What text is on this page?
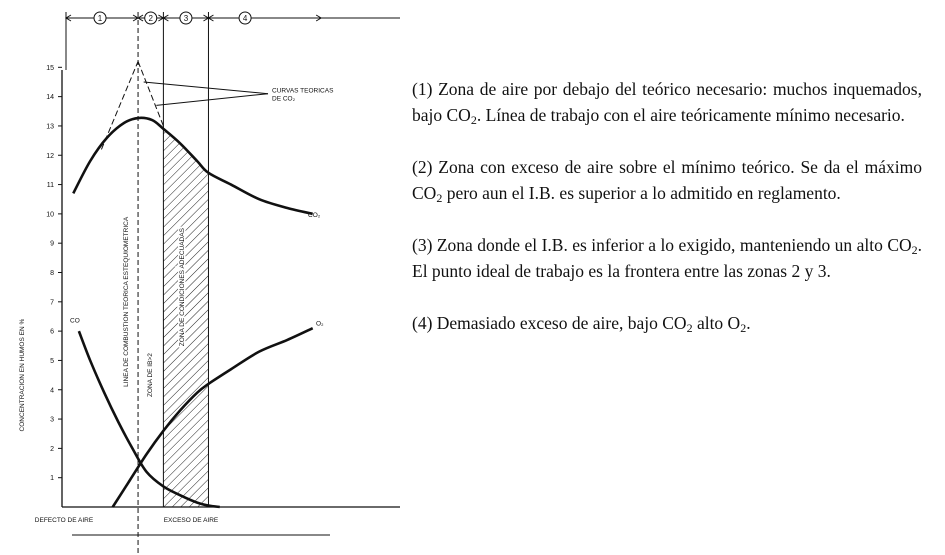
1
2
3
4
5
6
7
8
9
10
11
12
13
14
15
1	2	3	4
CURVAS TEORICAS
DE CO₂
CO₂
CO	O₂
DEFECTO DE AIRE	EXCESO DE AIRE
CONCENTRACION EN HUMOS EN %	LINEA DE COMBUSTION TEORICA ESTEQUIOMETRICA	ZONA DE IB>2
ZONA DE CONDICIONES ADECUADAS

(1) Zona de aire por debajo del teórico necesario: muchos inquemados, bajo $CO_2$. Línea de trabajo con el aire teóricamente mínimo necesario.

(2) Zona con exceso de aire sobre el mínimo teórico. Se da el máximo $CO_2$ pero aun el I.B. es superior a lo admitido en reglamento.

(3) Zona donde el I.B. es inferior a lo exigido, manteniendo un alto $CO_2$. El punto ideal de trabajo es la frontera entre las zonas 2 y 3.

(4) Demasiado exceso de aire, bajo $CO_2$ alto $O_2$.
